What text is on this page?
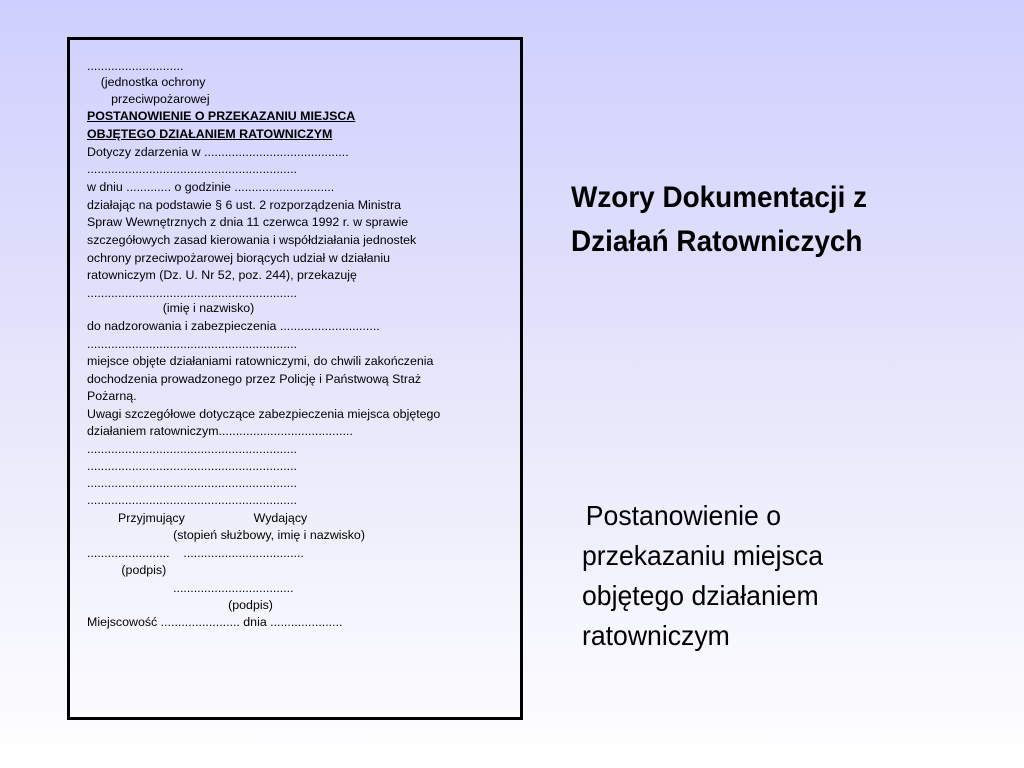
............................
(jednostka ochrony
przeciwpożarowej
POSTANOWIENIE O PRZEKAZANIU MIEJSCA
OBJĘTEGO DZIAŁANIEM RATOWNICZYM
Dotyczy zdarzenia w ..........................................
.............................................................
w dniu ............. o godzinie .............................
działając na podstawie § 6 ust. 2 rozporządzenia Ministra
Spraw Wewnętrznych z dnia 11 czerwca 1992 r. w sprawie
szczegółowych zasad kierowania i współdziałania jednostek
ochrony przeciwpożarowej biorących udział w działaniu
ratowniczym (Dz. U. Nr 52, poz. 244), przekazuję
.............................................................
(imię i nazwisko)
do nadzorowania i zabezpieczenia .............................
.............................................................
miejsce objęte działaniami ratowniczymi, do chwili zakończenia
dochodzenia prowadzonego przez Policję i Państwową Straż
Pożarną.
Uwagi szczegółowe dotyczące zabezpieczenia miejsca objętego
działaniem ratowniczym.......................................
.............................................................
.............................................................
.............................................................
.............................................................
Przyjmujący                    Wydający
(stopień służbowy, imię i nazwisko)
........................    ...................................
(podpis)
...................................
(podpis)
Miejscowość ....................... dnia .....................
Wzory Dokumentacji z
Działań Ratowniczych
Postanowienie o
przekazaniu miejsca
objętego działaniem
ratowniczym
